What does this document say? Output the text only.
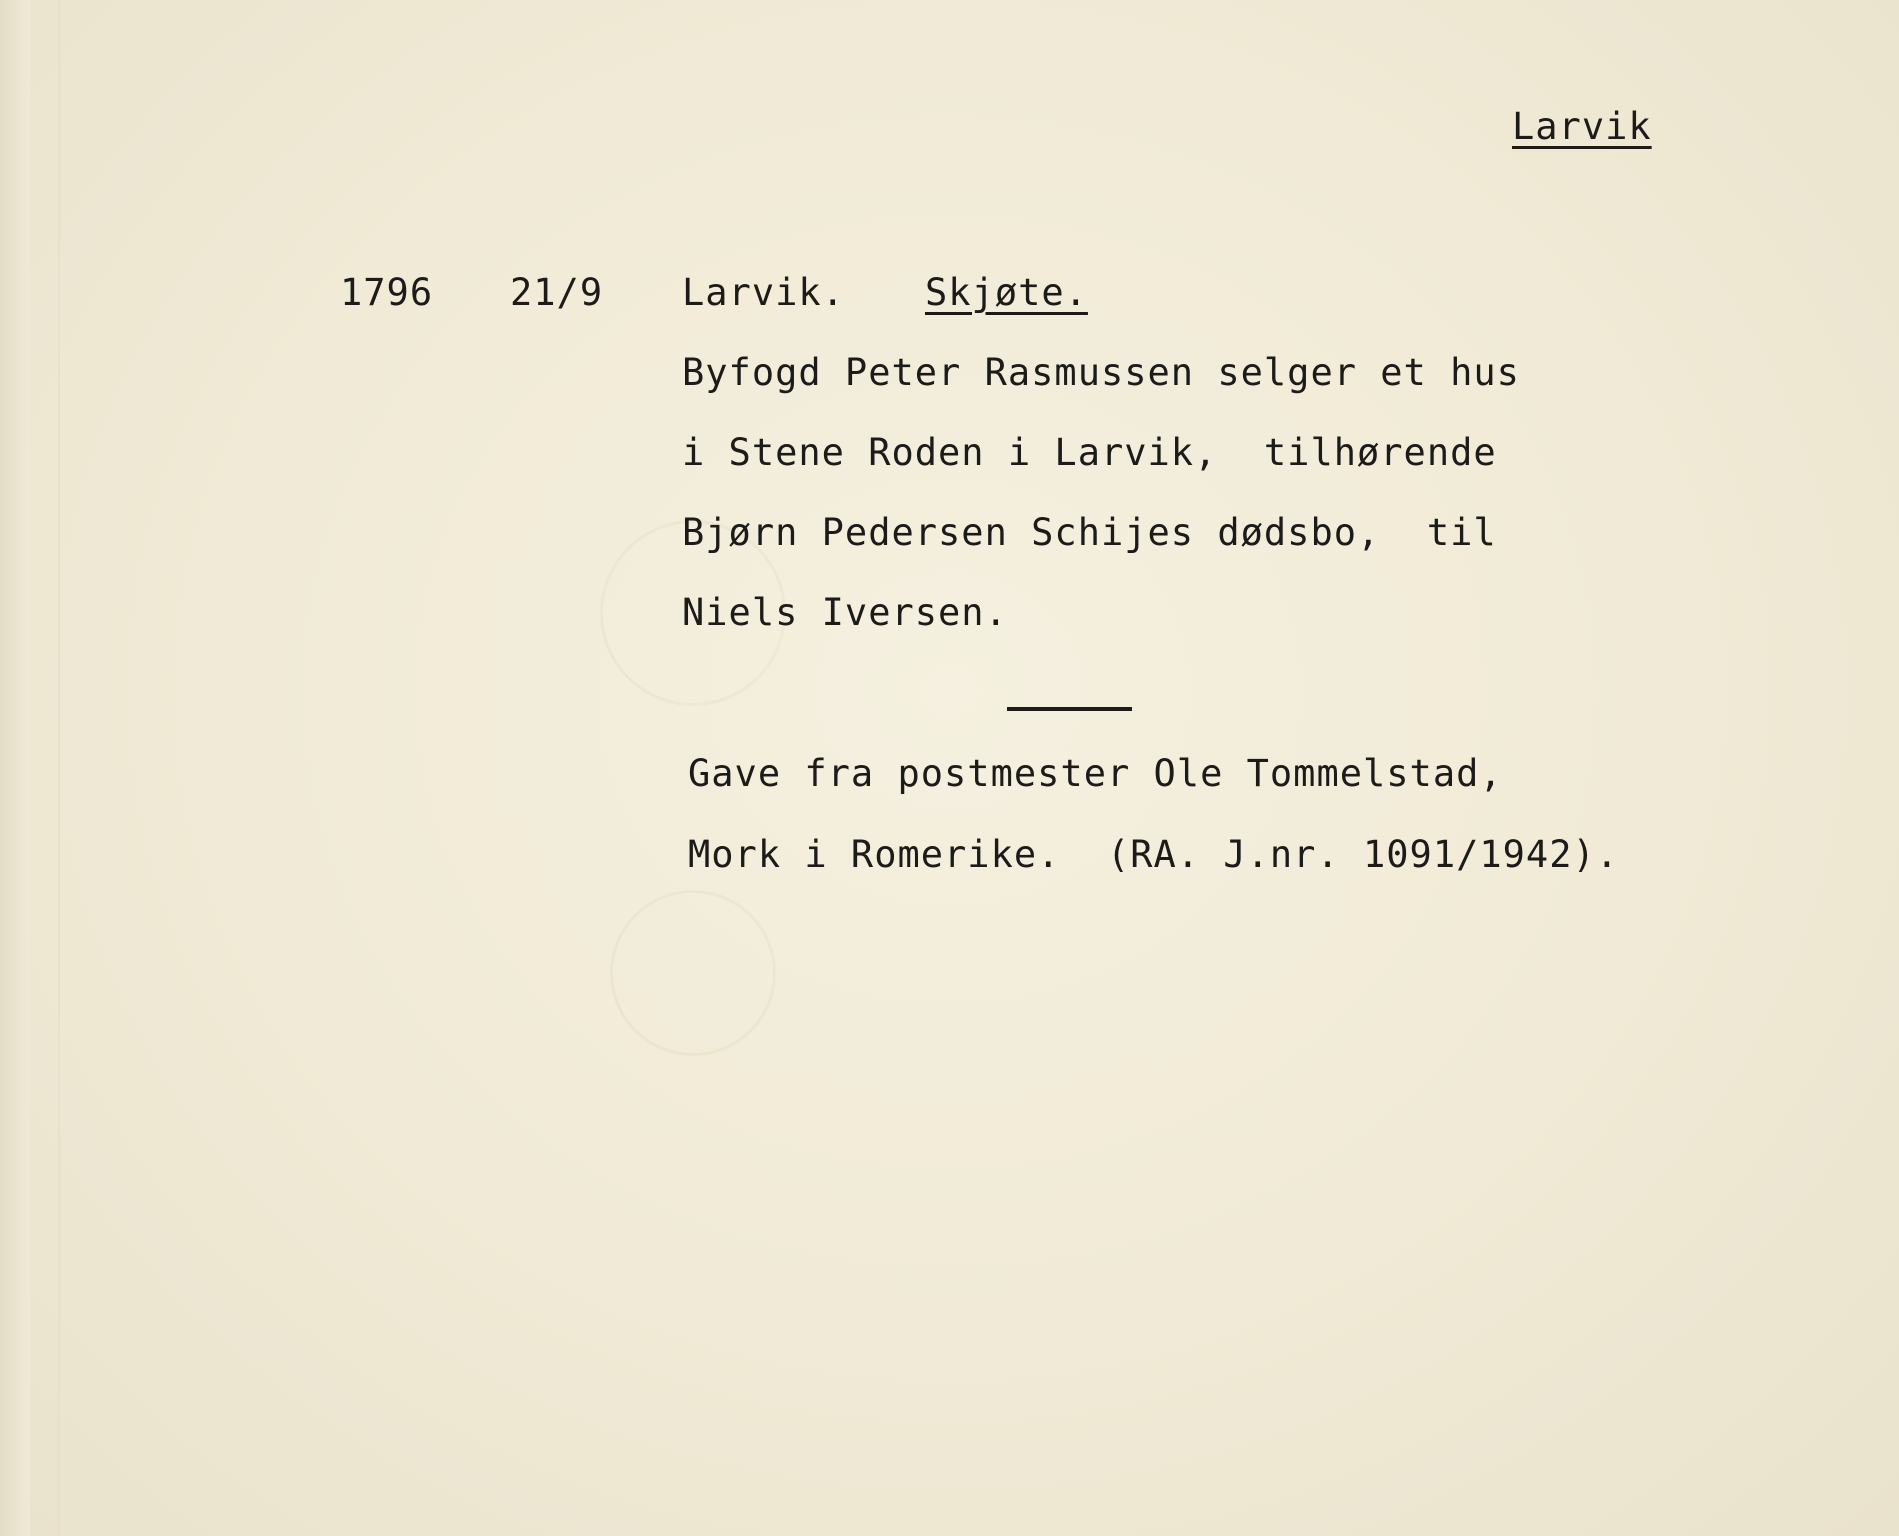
Larvik
1796 21/9 Larvik. Skjøte.
Byfogd Peter Rasmussen selger et hus
i Stene Roden i Larvik,  tilhørende
Bjørn Pedersen Schijes dødsbo,  til
Niels Iversen.
Gave fra postmester Ole Tommelstad,
Mork i Romerike.  (RA. J.nr. 1091/1942).
